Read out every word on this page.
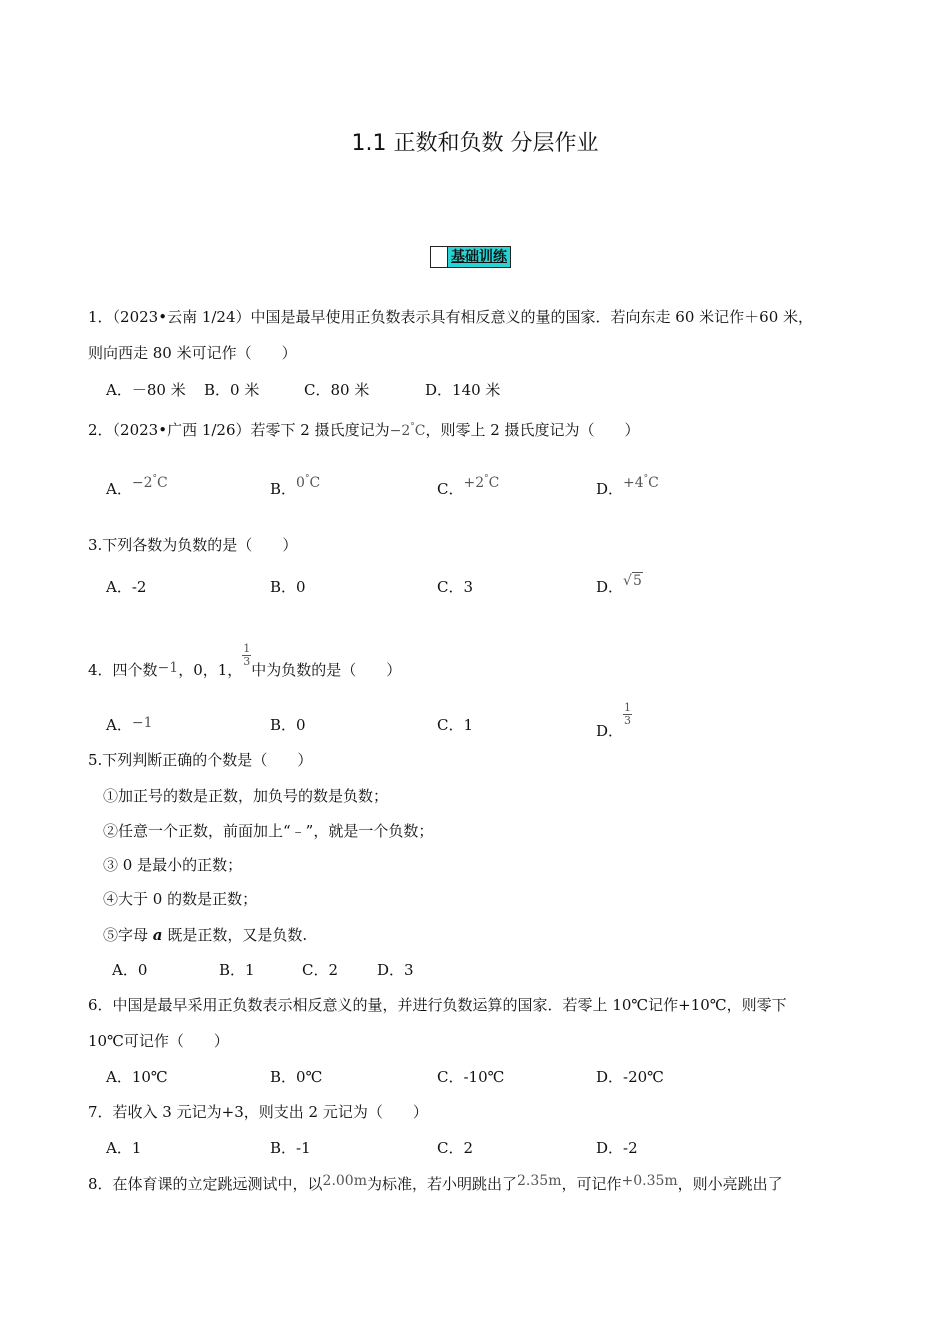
1.1 正数和负数 分层作业
基础训练
1．（2023•云南 1/24）中国是最早使用正负数表示具有相反意义的量的国家．若向东走 60 米记作＋60 米，
则向西走 80 米可记作（　　）
A．－80 米 B．0 米	C．80 米	D．140 米
2．（2023•广西 1/26）若零下 2 摄氏度记为−2°C，则零上 2 摄氏度记为（　　）
A．−2°C	B．0°C	C．+2°C	D．+4°C
3.下列各数为负数的是（　　）
A．-2	B．0	C．3	D．√5
4．四个数−1，0，1，
$\frac{1}{3}$
中为负数的是（　　）
A．−1	B．0	C．1	D．
$\frac{1}{3}$
5.下列判断正确的个数是（　　）
①加正号的数是正数，加负号的数是负数；
②任意一个正数，前面加上“﹣”，就是一个负数；
③ 0 是最小的正数；
④大于 0 的数是正数；
⑤字母 a 既是正数，又是负数.
A．0	B．1	C．2	D．3
6．中国是最早采用正负数表示相反意义的量，并进行负数运算的国家．若零上 10℃记作+10℃，则零下
10℃可记作（　　）
A．10℃	B．0℃	C．-10℃	D．-20℃
7．若收入 3 元记为+3，则支出 2 元记为（　　）
A．1	B．-1	C．2	D．-2
8．在体育课的立定跳远测试中，以2.00m为标准，若小明跳出了2.35m，可记作+0.35m，则小亮跳出了
